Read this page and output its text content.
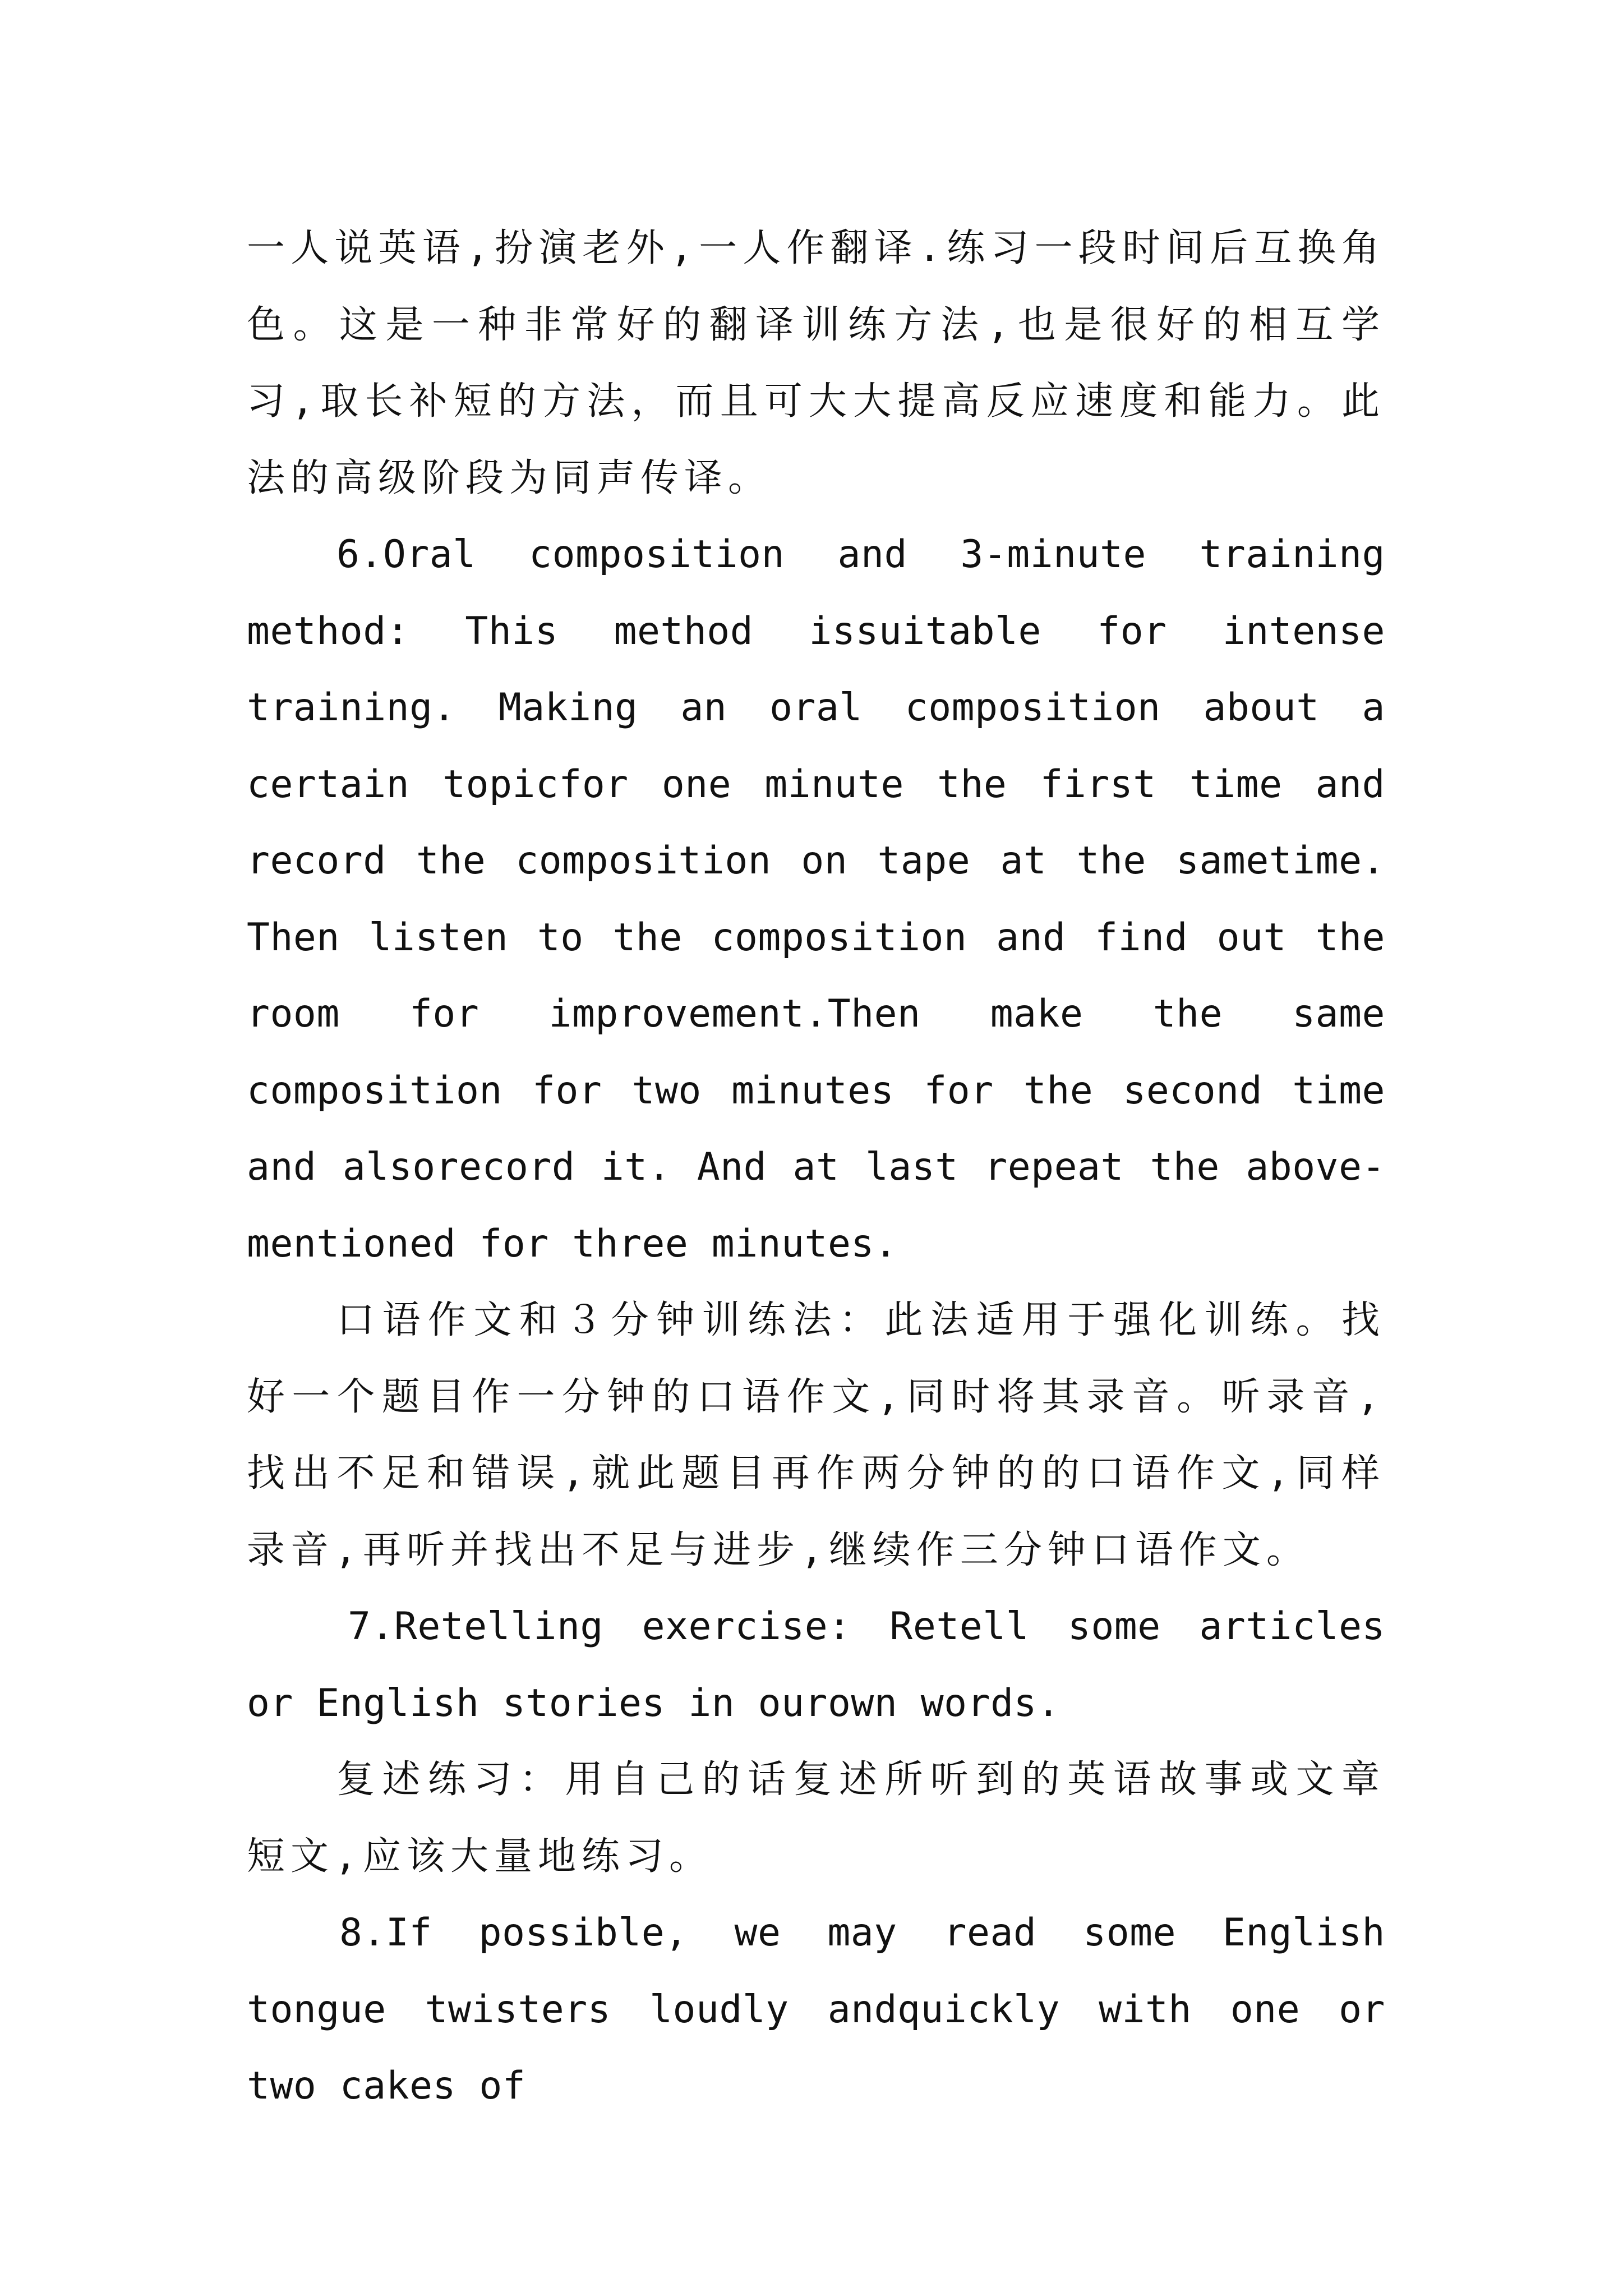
一人说英语,扮演老外,一人作翻译.练习一段时间后互换角色。这是一种非常好的翻译训练方法,也是很好的相互学习,取长补短的方法，而且可大大提高反应速度和能力。此法的高级阶段为同声传译。

6.Oral composition and 3-minute training method: This method issuitable for intense training. Making an oral composition about a certain topicfor one minute the first time and record the composition on tape at the sametime. Then listen to the composition and find out the room for improvement.Then make the same composition for two minutes for the second time and alsorecord it. And at last repeat the above-mentioned for three minutes.

口语作文和３分钟训练法：此法适用于强化训练。找好一个题目作一分钟的口语作文,同时将其录音。听录音,找出不足和错误,就此题目再作两分钟的的口语作文,同样录音,再听并找出不足与进步,继续作三分钟口语作文。

7.Retelling exercise: Retell some articles or English stories in ourown words.

复述练习：用自己的话复述所听到的英语故事或文章短文,应该大量地练习。

8.If possible, we may read some English tongue twisters loudly andquickly with one or two cakes of
